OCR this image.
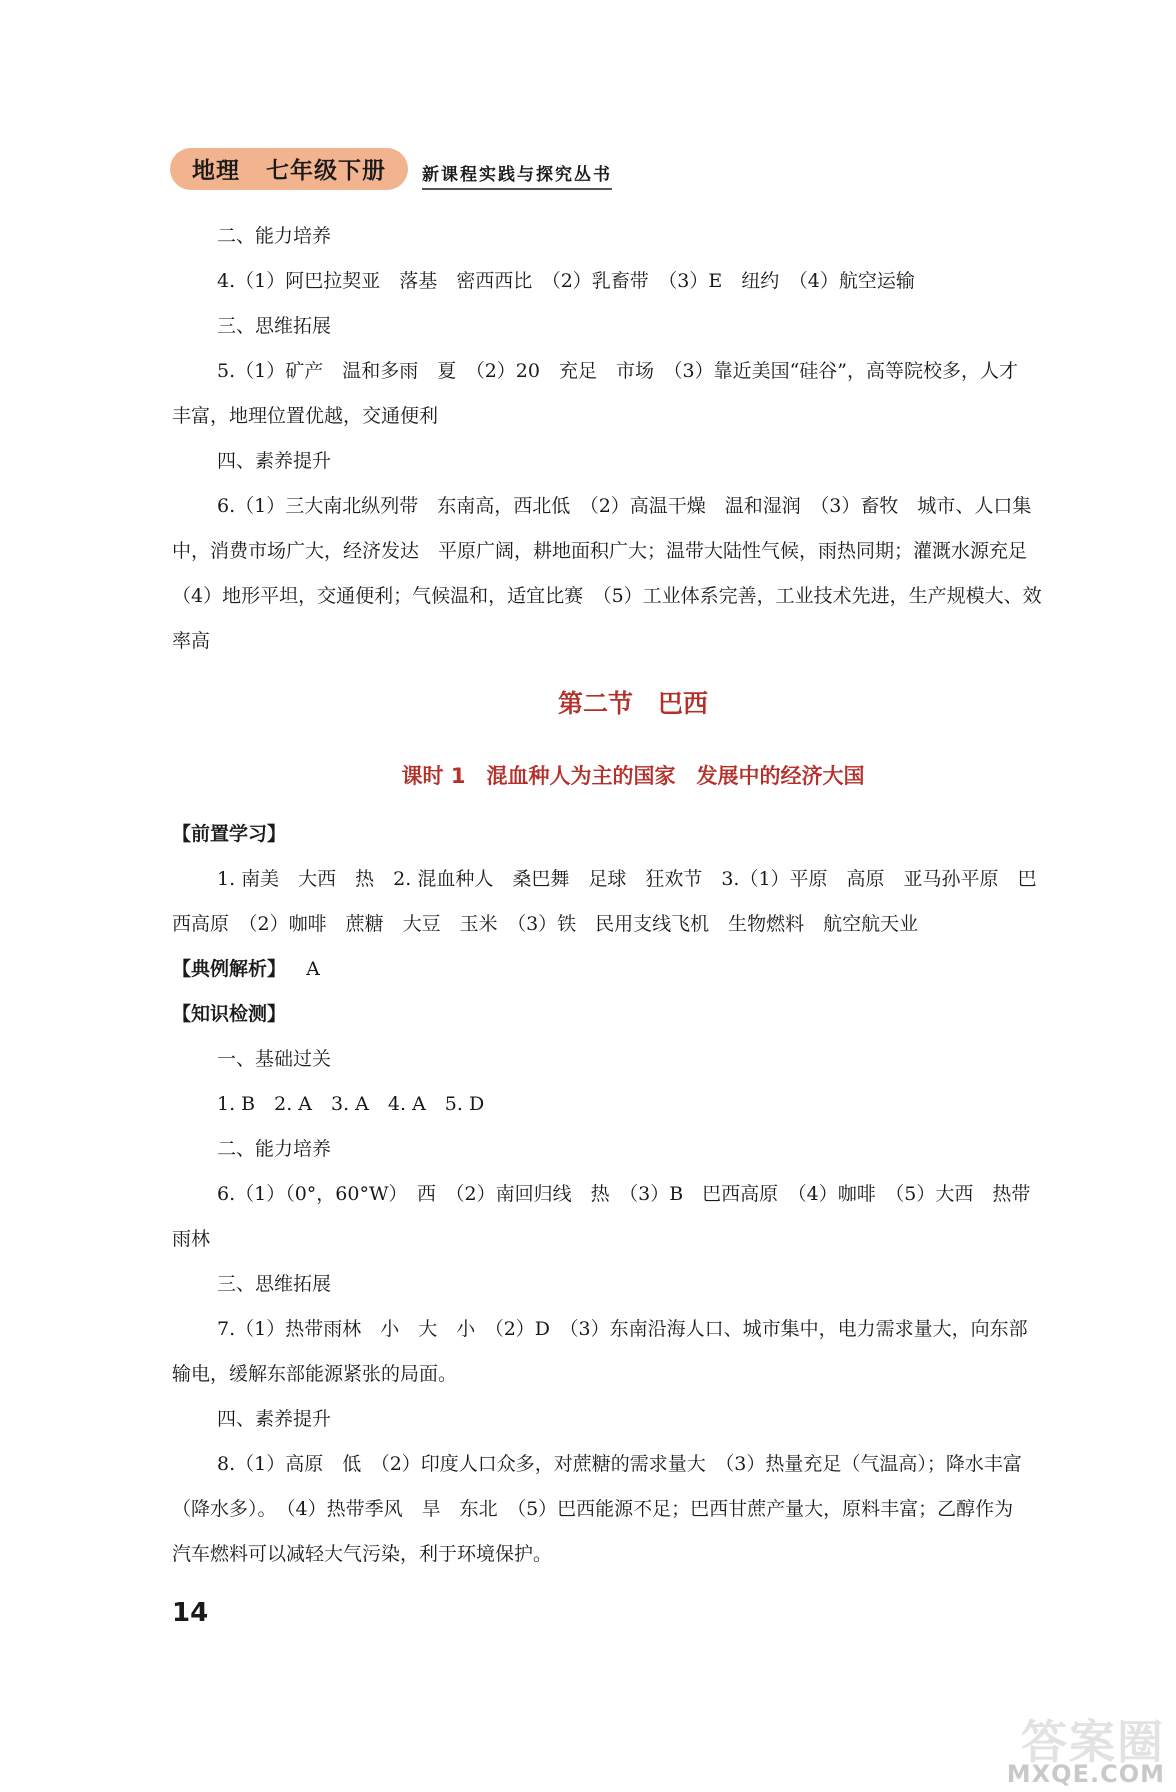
地理 七年级下册	新课程实践与探究丛书
二、能力培养
4.（1）阿巴拉契亚　落基　密西西比　（2）乳畜带　（3）E　纽约　（4）航空运输
三、思维拓展
5.（1）矿产　温和多雨　夏　（2）20　充足　市场　（3）靠近美国“硅谷”，高等院校多，人才
丰富，地理位置优越，交通便利
四、素养提升
6.（1）三大南北纵列带　东南高，西北低　（2）高温干燥　温和湿润　（3）畜牧　城市、人口集
中，消费市场广大，经济发达　平原广阔，耕地面积广大；温带大陆性气候，雨热同期；灌溉水源充足
（4）地形平坦，交通便利；气候温和，适宜比赛　（5）工业体系完善，工业技术先进，生产规模大、效
率高
第二节　巴西
课时 1　混血种人为主的国家　发展中的经济大国
【前置学习】
1. 南美　大西　热　2. 混血种人　桑巴舞　足球　狂欢节　3.（1）平原　高原　亚马孙平原　巴
西高原　（2）咖啡　蔗糖　大豆　玉米　（3）铁　民用支线飞机　生物燃料　航空航天业
【典例解析】 A
【知识检测】
一、基础过关
1. B　2. A　3. A　4. A　5. D
二、能力培养
6.（1）（0°，60°W）　西　（2）南回归线　热　（3）B　巴西高原　（4）咖啡　（5）大西　热带
雨林
三、思维拓展
7.（1）热带雨林　小　大　小　（2）D　（3）东南沿海人口、城市集中，电力需求量大，向东部
输电，缓解东部能源紧张的局面。
四、素养提升
8.（1）高原　低　（2）印度人口众多，对蔗糖的需求量大　（3）热量充足（气温高）；降水丰富
（降水多）。　（4）热带季风　旱　东北　（5）巴西能源不足；巴西甘蔗产量大，原料丰富；乙醇作为
汽车燃料可以减轻大气污染，利于环境保护。
14
答案圈
MXQE.COM
